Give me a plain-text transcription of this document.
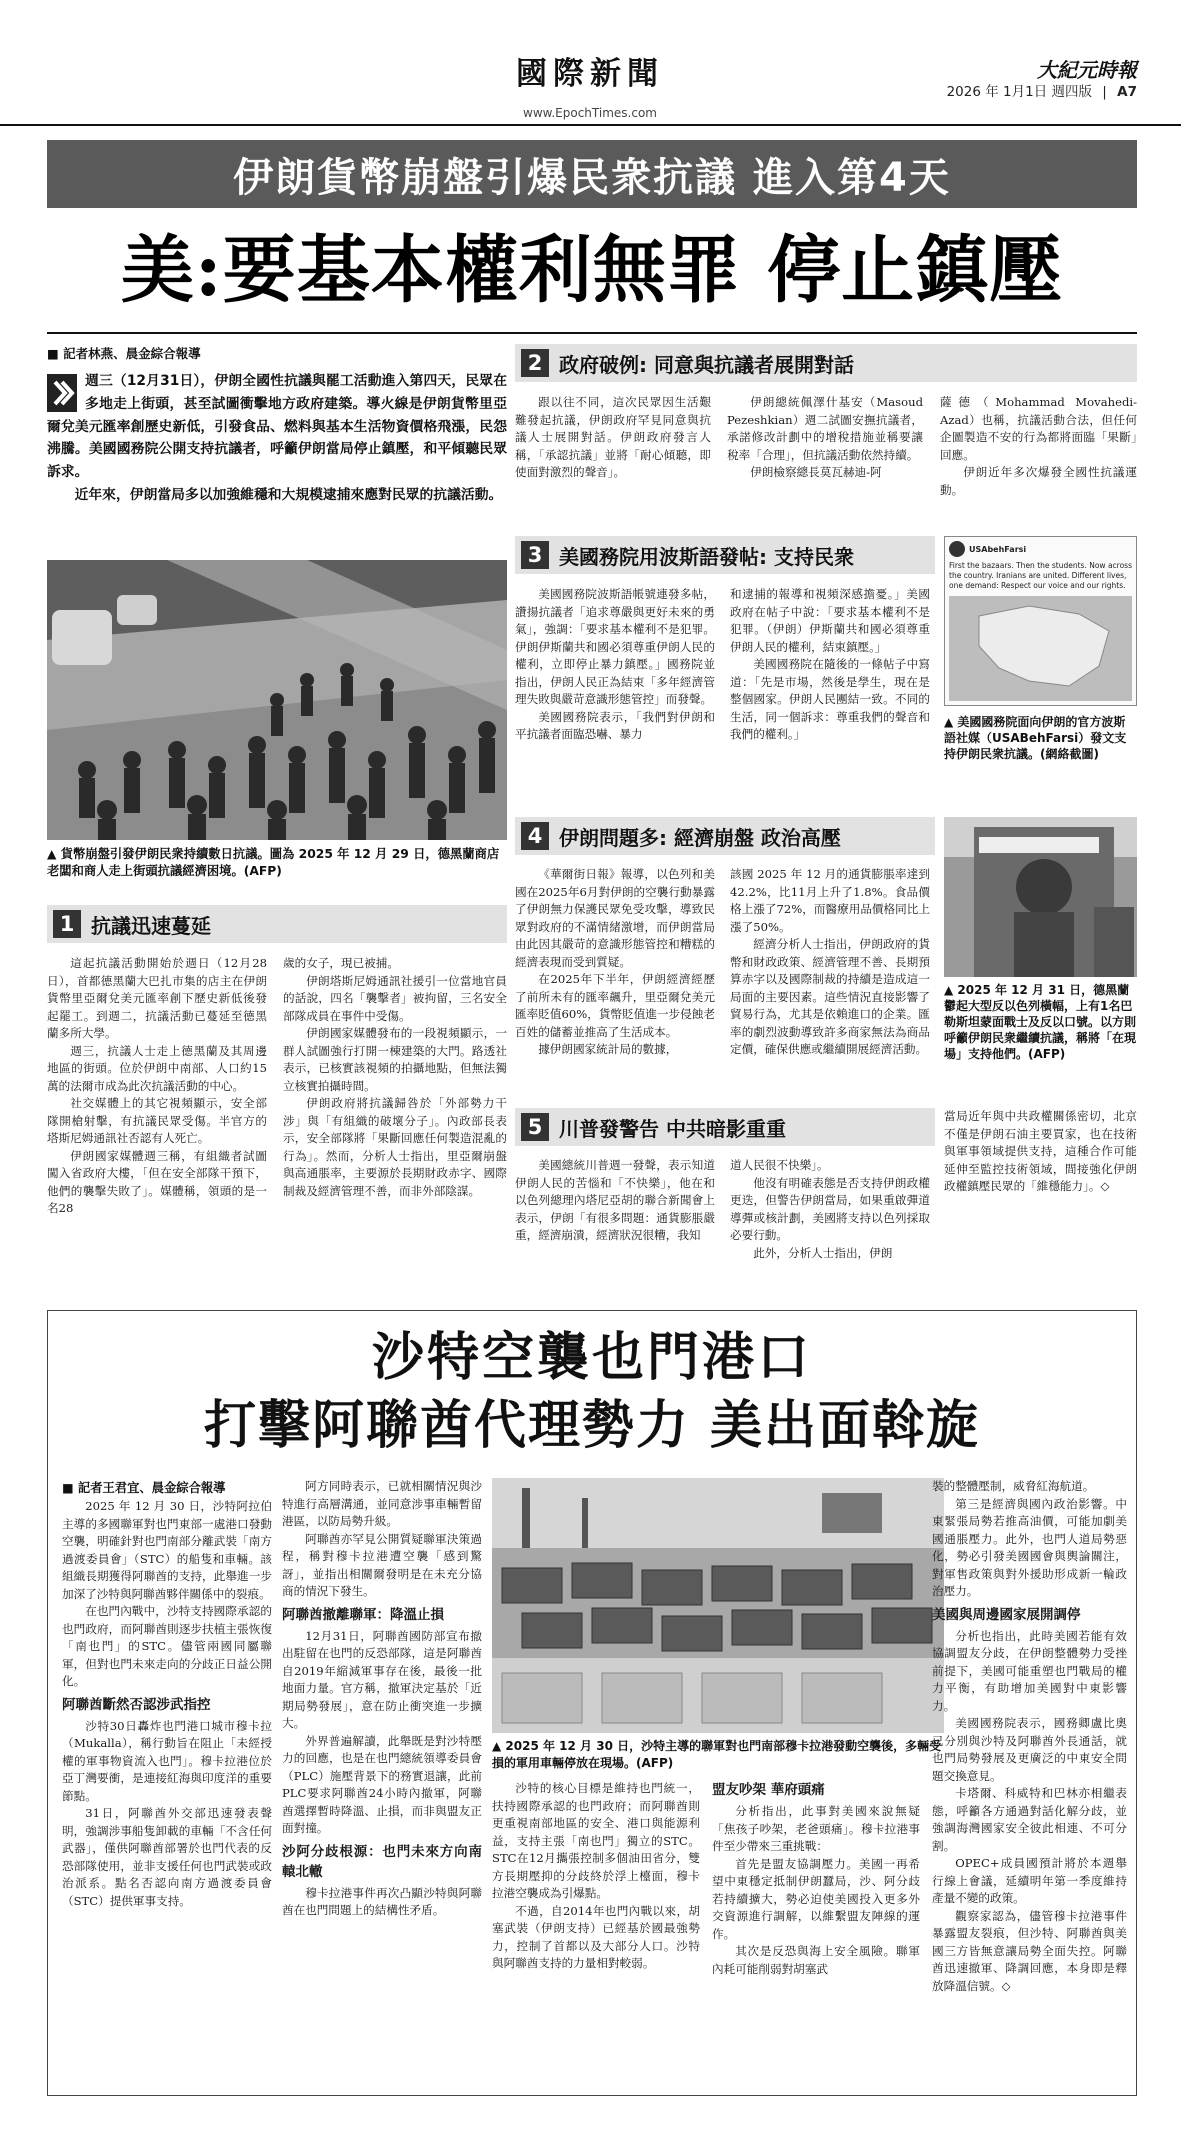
國際新聞
www.EpochTimes.com
大紀元時報
2026 年 1月1日 週四版 | A7
伊朗貨幣崩盤引爆民衆抗議 進入第4天
美:要基本權利無罪 停止鎮壓
■ 記者林燕、晨金綜合報導
週三（12月31日），伊朗全國性抗議與罷工活動進入第四天，民眾在多地走上街頭，甚至試圖衝擊地方政府建築。導火線是伊朗貨幣里亞爾兌美元匯率創歷史新低，引發食品、燃料與基本生活物資價格飛漲，民怨沸騰。美國國務院公開支持抗議者，呼籲伊朗當局停止鎮壓，和平傾聽民眾訴求。
近年來，伊朗當局多以加強維穩和大規模逮捕來應對民眾的抗議活動。
▲ 貨幣崩盤引發伊朗民衆持續數日抗議。圖為 2025 年 12 月 29 日，德黑蘭商店老闆和商人走上街頭抗議經濟困境。(AFP)
1 抗議迅速蔓延

這起抗議活動開始於週日（12月28日），首都德黑蘭大巴扎市集的店主在伊朗貨幣里亞爾兌美元匯率創下歷史新低後發起罷工。到週二，抗議活動已蔓延至德黑蘭多所大學。

週三，抗議人士走上德黑蘭及其周邊地區的街頭。位於伊朗中南部、人口約15萬的法爾市成為此次抗議活動的中心。

社交媒體上的其它視頻顯示，安全部隊開槍射擊，有抗議民眾受傷。半官方的塔斯尼姆通訊社否認有人死亡。

伊朗國家媒體週三稱，有組織者試圖闖入省政府大樓，「但在安全部隊干預下，他們的襲擊失敗了」。媒體稱，領頭的是一名28

歲的女子，現已被捕。

伊朗塔斯尼姆通訊社援引一位當地官員的話說，四名「襲擊者」被拘留，三名安全部隊成員在事件中受傷。

伊朗國家媒體發布的一段視頻顯示，一群人試圖強行打開一棟建築的大門。路透社表示，已核實該視頻的拍攝地點，但無法獨立核實拍攝時間。

伊朗政府將抗議歸咎於「外部勢力干涉」與「有組織的破壞分子」。內政部長表示，安全部隊將「果斷回應任何製造混亂的行為」。然而，分析人士指出，里亞爾崩盤與高通脹率，主要源於長期財政赤字、國際制裁及經濟管理不善，而非外部陰謀。

2 政府破例: 同意與抗議者展開對話

跟以往不同，這次民眾因生活艱難發起抗議，伊朗政府罕見同意與抗議人士展開對話。伊朗政府發言人稱，「承認抗議」並將「耐心傾聽，即使面對激烈的聲音」。

伊朗總統佩澤什基安（Masoud Pezeshkian）週二試圖安撫抗議者，承諾修改計劃中的增稅措施並稱要讓稅率「合理」，但抗議活動依然持續。

伊朗檢察總長莫瓦赫迪-阿

薩德（Mohammad Movahedi-Azad）也稱，抗議活動合法，但任何企圖製造不安的行為都將面臨「果斷」回應。

伊朗近年多次爆發全國性抗議運動。

3 美國務院用波斯語發帖: 支持民衆

美國國務院波斯語帳號連發多帖，讚揚抗議者「追求尊嚴與更好未來的勇氣」，強調：「要求基本權利不是犯罪。伊朗伊斯蘭共和國必須尊重伊朗人民的權利，立即停止暴力鎮壓。」國務院並指出，伊朗人民正為結束「多年經濟管理失敗與嚴苛意識形態管控」而發聲。

美國國務院表示，「我們對伊朗和平抗議者面臨恐嚇、暴力

和逮捕的報導和視頻深感擔憂。」美國政府在帖子中說：「要求基本權利不是犯罪。（伊朗）伊斯蘭共和國必須尊重伊朗人民的權利，結束鎮壓。」

美國國務院在隨後的一條帖子中寫道：「先是市場，然後是學生，現在是整個國家。伊朗人民團結一致。不同的生活，同一個訴求：尊重我們的聲音和我們的權利。」

USAbehFarsi
First the bazaars. Then the students. Now across the country. Iranians are united. Different lives, one demand: Respect our voice and our rights.
▲ 美國國務院面向伊朗的官方波斯語社媒（USABehFarsi）發文支持伊朗民衆抗議。(網絡截圖)
4 伊朗問題多: 經濟崩盤 政治高壓

《華爾街日報》報導，以色列和美國在2025年6月對伊朗的空襲行動暴露了伊朗無力保護民眾免受攻擊，導致民眾對政府的不滿情緒激增，而伊朗當局由此因其嚴苛的意識形態管控和糟糕的經濟表現而受到質疑。

在2025年下半年，伊朗經濟經歷了前所未有的匯率飆升，里亞爾兌美元匯率貶值60%，貨幣貶值進一步侵蝕老百姓的儲蓄並推高了生活成本。

據伊朗國家統計局的數據，

該國 2025 年 12 月的通貨膨脹率達到42.2%，比11月上升了1.8%。食品價格上漲了72%，而醫療用品價格同比上漲了50%。

經濟分析人士指出，伊朗政府的貨幣和財政政策、經濟管理不善、長期預算赤字以及國際制裁的持續是造成這一局面的主要因素。這些情況直接影響了貿易行為，尤其是依賴進口的企業。匯率的劇烈波動導致許多商家無法為商品定價，確保供應或繼續開展經濟活動。

▲ 2025 年 12 月 31 日，德黑蘭鬱起大型反以色列橫幅，上有1名巴勒斯坦蒙面戰士及反以口號。以方則呼籲伊朗民衆繼續抗議，稱將「在現場」支持他們。(AFP)
5 川普發警告 中共暗影重重

美國總統川普週一發聲，表示知道伊朗人民的苦惱和「不快樂」，他在和以色列總理內塔尼亞胡的聯合新聞會上表示，伊朗「有很多問題：通貨膨脹嚴重，經濟崩潰，經濟狀況很糟，我知

道人民很不快樂」。

他沒有明確表態是否支持伊朗政權更迭，但警告伊朗當局，如果重啟彈道導彈或核計劃，美國將支持以色列採取必要行動。

此外，分析人士指出，伊朗

當局近年與中共政權關係密切，北京不僅是伊朗石油主要買家，也在技術與軍事領域提供支持，這種合作可能延伸至監控技術領域，間接強化伊朗政權鎮壓民眾的「維穩能力」。◇

沙特空襲也門港口
打擊阿聯酋代理勢力 美出面斡旋
■ 記者王君宜、晨金綜合報導

2025 年 12 月 30 日，沙特阿拉伯主導的多國聯軍對也門東部一處港口發動空襲，明確針對也門南部分離武裝「南方過渡委員會」（STC）的船隻和車輛。該組織長期獲得阿聯酋的支持，此舉進一步加深了沙特與阿聯酋夥伴關係中的裂痕。

在也門內戰中，沙特支持國際承認的也門政府，而阿聯酋則逐步扶植主張恢復「南也門」的STC。儘管兩國同屬聯軍，但對也門未來走向的分歧正日益公開化。

阿聯酋斷然否認涉武指控

沙特30日轟炸也門港口城市穆卡拉（Mukalla），稱行動旨在阻止「未經授權的軍事物資流入也門」。穆卡拉港位於亞丁灣要衝，是連接紅海與印度洋的重要節點。

31日，阿聯酋外交部迅速發表聲明，強調涉事船隻卸載的車輛「不含任何武器」，僅供阿聯酋部署於也門代表的反恐部隊使用，並非支援任何也門武裝或政治派系。點名否認向南方過渡委員會（STC）提供軍事支持。

阿方同時表示，已就相關情況與沙特進行高層溝通，並同意涉事車輛暫留港區，以防局勢升級。

阿聯酋亦罕見公開質疑聯軍決策過程，稱對穆卡拉港遭空襲「感到驚訝」，並指出相關爾發明是在未充分協商的情況下發生。

阿聯酋撤離聯軍：降溫止損

12月31日，阿聯酋國防部宣布撤出駐留在也門的反恐部隊，這是阿聯酋自2019年縮減軍事存在後，最後一批地面力量。官方稱，撤軍決定基於「近期局勢發展」，意在防止衝突進一步擴大。

外界普遍解讀，此舉既是對沙特壓力的回應，也是在也門總統領導委員會（PLC）施壓背景下的務實退讓，此前PLC要求阿聯酋24小時內撤軍，阿聯酋選擇暫時降溫、止損，而非與盟友正面對撞。

沙阿分歧根源：也門未來方向南轅北轍

穆卡拉港事件再次凸顯沙特與阿聯酋在也門問題上的結構性矛盾。

▲ 2025 年 12 月 30 日，沙特主導的聯軍對也門南部穆卡拉港發動空襲後，多輛受損的軍用車輛停放在現場。(AFP)

沙特的核心目標是維持也門統一，扶持國際承認的也門政府；而阿聯酋則更重視南部地區的安全、港口與能源利益，支持主張「南也門」獨立的STC。STC在12月攜張控制多個油田省分，雙方長期壓抑的分歧終於浮上檯面，穆卡拉港空襲成為引爆點。

不過，自2014年也門內戰以來，胡塞武裝（伊朗支持）已經基於國最強勢力，控制了首都以及大部分人口。沙特與阿聯酋支持的力量相對較弱。

盟友吵架 華府頭痛

分析指出，此事對美國來說無疑「焦孩子吵架，老爸頭痛」。穆卡拉港事件至少帶來三重挑戰：

首先是盟友協調壓力。美國一再希望中東穩定抵制伊朗蠶局，沙、阿分歧若持續擴大，勢必迫使美國投入更多外交資源進行調解，以維繫盟友陣線的運作。

其次是反恐與海上安全風險。聯軍內耗可能削弱對胡塞武

裝的整體壓制，威脅紅海航道。

第三是經濟與國內政治影響。中東緊張局勢若推高油價，可能加劇美國通脹壓力。此外，也門人道局勢惡化，勢必引發美國國會與輿論關注，對軍售政策與對外援助形成新一輪政治壓力。

美國與周邊國家展開調停

分析也指出，此時美國若能有效協調盟友分歧，在伊朗整體勢力受挫前提下，美國可能重塑也門戰局的權力平衡，有助增加美國對中東影響力。

美國國務院表示，國務卿盧比奧已分別與沙特及阿聯酋外長通話，就也門局勢發展及更廣泛的中東安全問題交換意見。

卡塔爾、科威特和巴林亦相繼表態，呼籲各方通過對話化解分歧，並強調海灣國家安全彼此相連、不可分割。

OPEC+成員國預計將於本週舉行線上會議，延續明年第一季度維持產量不變的政策。

觀察家認為，儘管穆卡拉港事件暴露盟友裂痕，但沙特、阿聯酋與美國三方皆無意讓局勢全面失控。阿聯酋迅速撤軍、降調回應，本身即是釋放降溫信號。◇
